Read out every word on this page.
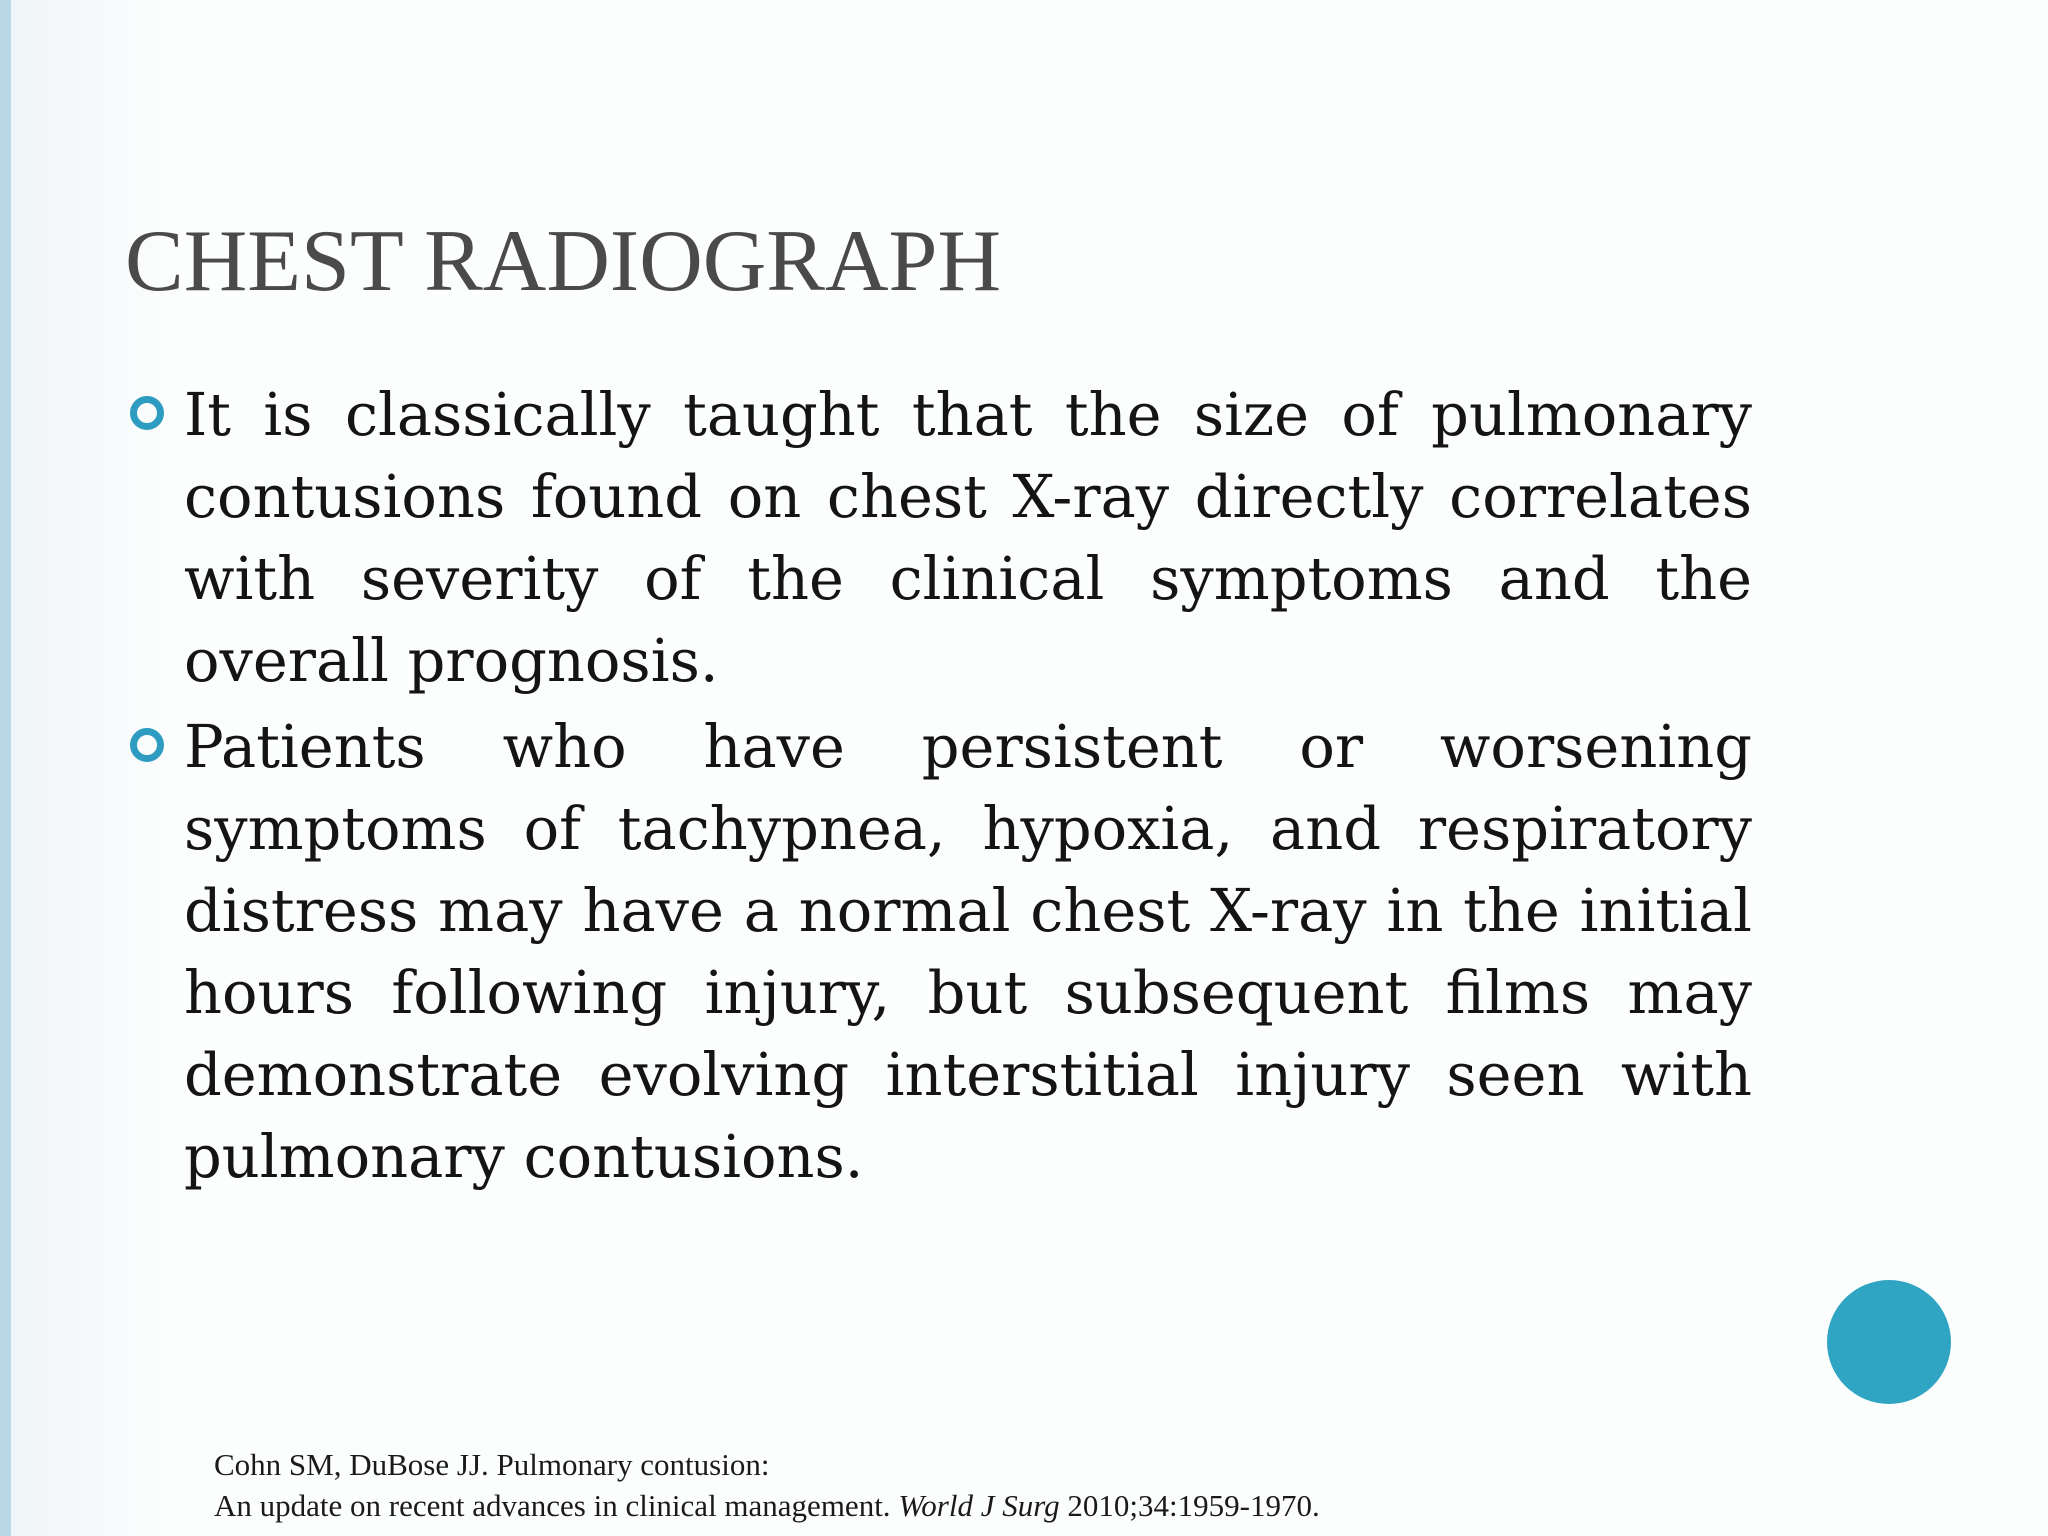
CHEST RADIOGRAPH
It is classically taught that the size of pulmonary contusions found on chest X-ray directly correlates with severity of the clinical symptoms and the overall prognosis.
Patients who have persistent or worsening symptoms of tachypnea, hypoxia, and respiratory distress may have a normal chest X-ray in the initial hours following injury, but subsequent films may demonstrate evolving interstitial injury seen with pulmonary contusions.
Cohn SM, DuBose JJ. Pulmonary contusion:
An update on recent advances in clinical management. World J Surg 2010;34:1959-1970.
